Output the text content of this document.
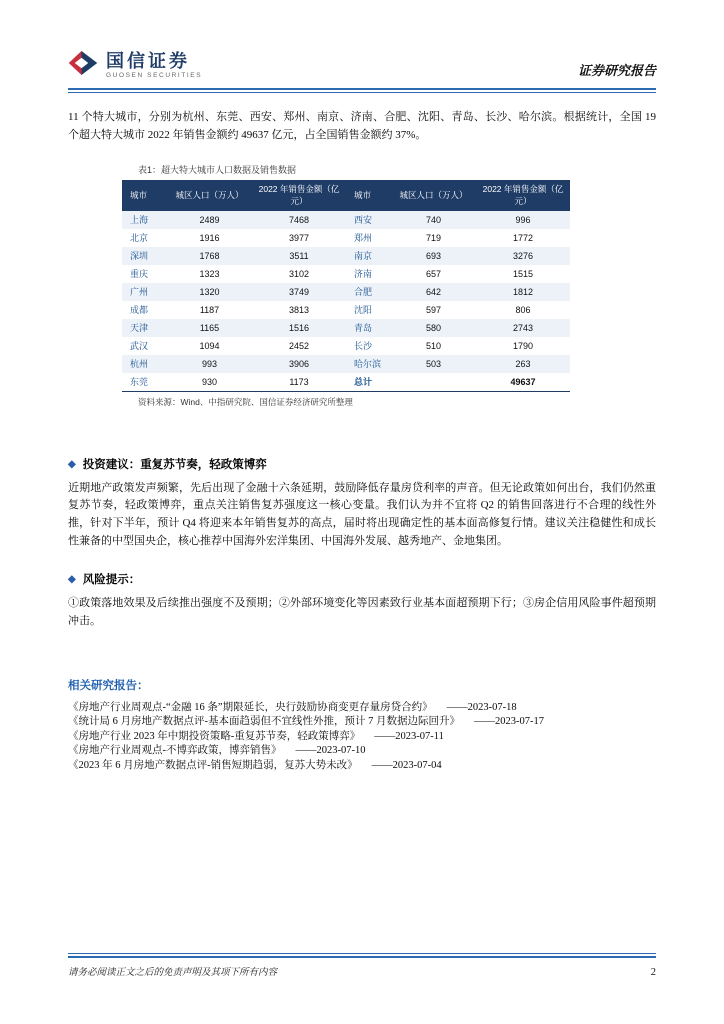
国信证券
GUOSEN SECURITIES	证券研究报告

11 个特大城市，分别为杭州、东莞、西安、郑州、南京、济南、合肥、沈阳、青岛、长沙、哈尔滨。根据统计，全国 19 个超大特大城市 2022 年销售金额约 49637 亿元，占全国销售金额约 37%。

表1：超大特大城市人口数据及销售数据
城市	城区人口（万人）	2022 年销售金额（亿元）	城市	城区人口（万人）	2022 年销售金额（亿元）
上海	2489	7468	西安	740	996
北京	1916	3977	郑州	719	1772
深圳	1768	3511	南京	693	3276
重庆	1323	3102	济南	657	1515
广州	1320	3749	合肥	642	1812
成都	1187	3813	沈阳	597	806
天津	1165	1516	青岛	580	2743
武汉	1094	2452	长沙	510	1790
杭州	993	3906	哈尔滨	503	263
东莞	930	1173	总计		49637
资料来源：Wind、中指研究院、国信证券经济研究所整理
◆ 投资建议：重复苏节奏，轻政策博弈

近期地产政策发声频繁，先后出现了金融十六条延期，鼓励降低存量房贷利率的声音。但无论政策如何出台，我们仍然重复苏节奏，轻政策博弈，重点关注销售复苏强度这一核心变量。我们认为并不宜将 Q2 的销售回落进行不合理的线性外推，针对下半年，预计 Q4 将迎来本年销售复苏的高点，届时将出现确定性的基本面高修复行情。建议关注稳健性和成长性兼备的中型国央企，核心推荐中国海外宏洋集团、中国海外发展、越秀地产、金地集团。

◆ 风险提示：

①政策落地效果及后续推出强度不及预期；②外部环境变化等因素致行业基本面超预期下行；③房企信用风险事件超预期冲击。

相关研究报告：
《房地产行业周观点-“金融 16 条”期限延长，央行鼓励协商变更存量房贷合约》 ——2023-07-18
《统计局 6 月房地产数据点评-基本面趋弱但不宜线性外推，预计 7 月数据边际回升》 ——2023-07-17
《房地产行业 2023 年中期投资策略-重复苏节奏，轻政策博弈》 ——2023-07-11
《房地产行业周观点-不博弈政策，博弈销售》 ——2023-07-10
《2023 年 6 月房地产数据点评-销售短期趋弱，复苏大势未改》 ——2023-07-04
请务必阅读正文之后的免责声明及其项下所有内容	2
